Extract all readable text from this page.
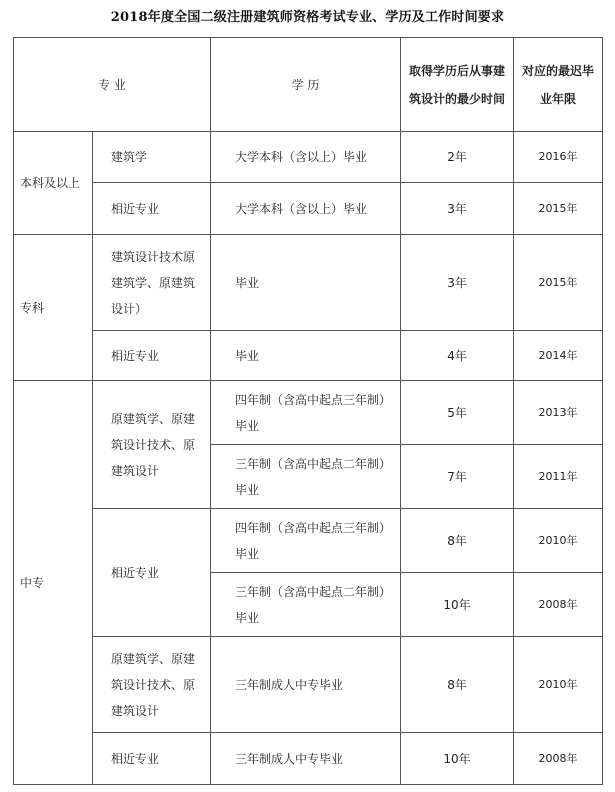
2018年度全国二级注册建筑师资格考试专业、学历及工作时间要求
专 业		学 历	取得学历后从事建筑设计的最少时间	对应的最迟毕业年限
本科及以上	建筑学	大学本科（含以上）毕业	2年	2016年
	相近专业	大学本科（含以上）毕业	3年	2015年
专科	建筑设计技术原建筑学、原建筑设计）	毕业	3年	2015年
	相近专业	毕业	4年	2014年
中专	原建筑学、原建筑设计技术、原建筑设计	四年制（含高中起点三年制）毕业	5年	2013年
		三年制（含高中起点二年制）毕业	7年	2011年
	相近专业	四年制（含高中起点三年制）毕业	8年	2010年
		三年制（含高中起点二年制）毕业	10年	2008年
	原建筑学、原建筑设计技术、原建筑设计	三年制成人中专毕业	8年	2010年
	相近专业	三年制成人中专毕业	10年	2008年
